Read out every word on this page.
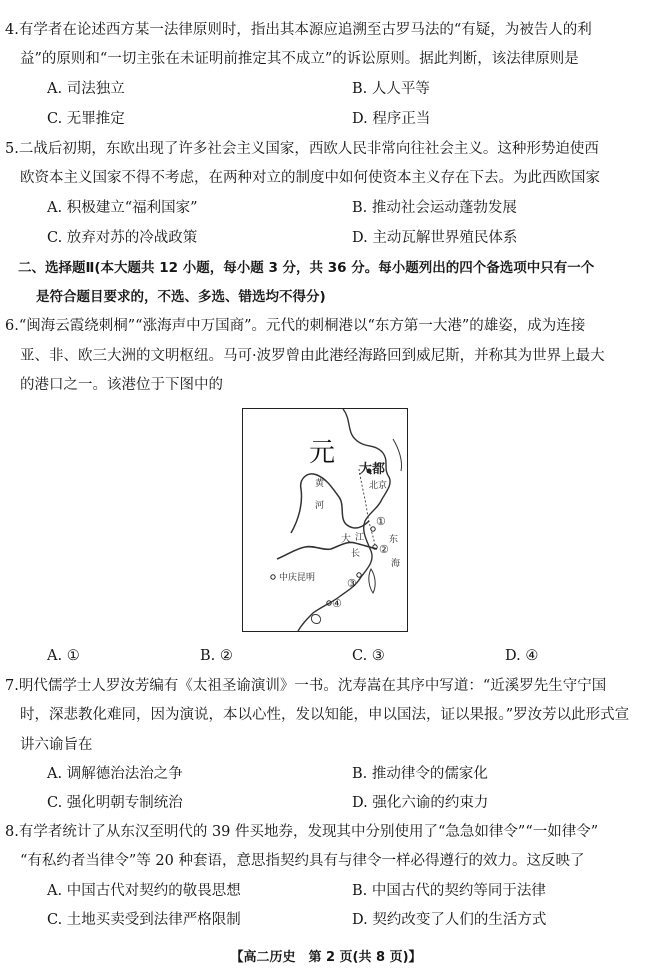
4.有学者在论述西方某一法律原则时，指出其本源应追溯至古罗马法的“有疑，为被告人的利
益”的原则和“一切主张在未证明前推定其不成立”的诉讼原则。据此判断，该法律原则是
A. 司法独立	B. 人人平等
C. 无罪推定	D. 程序正当
5.二战后初期，东欧出现了许多社会主义国家，西欧人民非常向往社会主义。这种形势迫使西
欧资本主义国家不得不考虑，在两种对立的制度中如何使资本主义存在下去。为此西欧国家
A. 积极建立“福利国家”	B. 推动社会运动蓬勃发展
C. 放弃对苏的冷战政策	D. 主动瓦解世界殖民体系
二、选择题Ⅱ(本大题共 12 小题，每小题 3 分，共 36 分。每小题列出的四个备选项中只有一个
是符合题目要求的，不选、多选、错选均不得分)
6.“闽海云霞绕刺桐”“涨海声中万国商”。元代的刺桐港以“东方第一大港”的雄姿，成为连接
亚、非、欧三大洲的文明枢纽。马可·波罗曾由此港经海路回到威尼斯，并称其为世界上最大
的港口之一。该港位于下图中的
元
大都
北京
黄
河
大 江
长
东
海
中庆昆明
①
②
③
④
A. ①	B. ②	C. ③	D. ④
7.明代儒学士人罗汝芳编有《太祖圣谕演训》一书。沈寿嵩在其序中写道：“近溪罗先生守宁国
时，深悲教化难同，因为演说，本以心性，发以知能，申以国法，证以果报。”罗汝芳以此形式宣
讲六谕旨在
A. 调解德治法治之争	B. 推动律令的儒家化
C. 强化明朝专制统治	D. 强化六谕的约束力
8.有学者统计了从东汉至明代的 39 件买地券，发现其中分别使用了“急急如律令”“一如律令”
“有私约者当律令”等 20 种套语，意思指契约具有与律令一样必得遵行的效力。这反映了
A. 中国古代对契约的敬畏思想	B. 中国古代的契约等同于法律
C. 土地买卖受到法律严格限制	D. 契约改变了人们的生活方式
【高二历史　第 2 页(共 8 页)】
